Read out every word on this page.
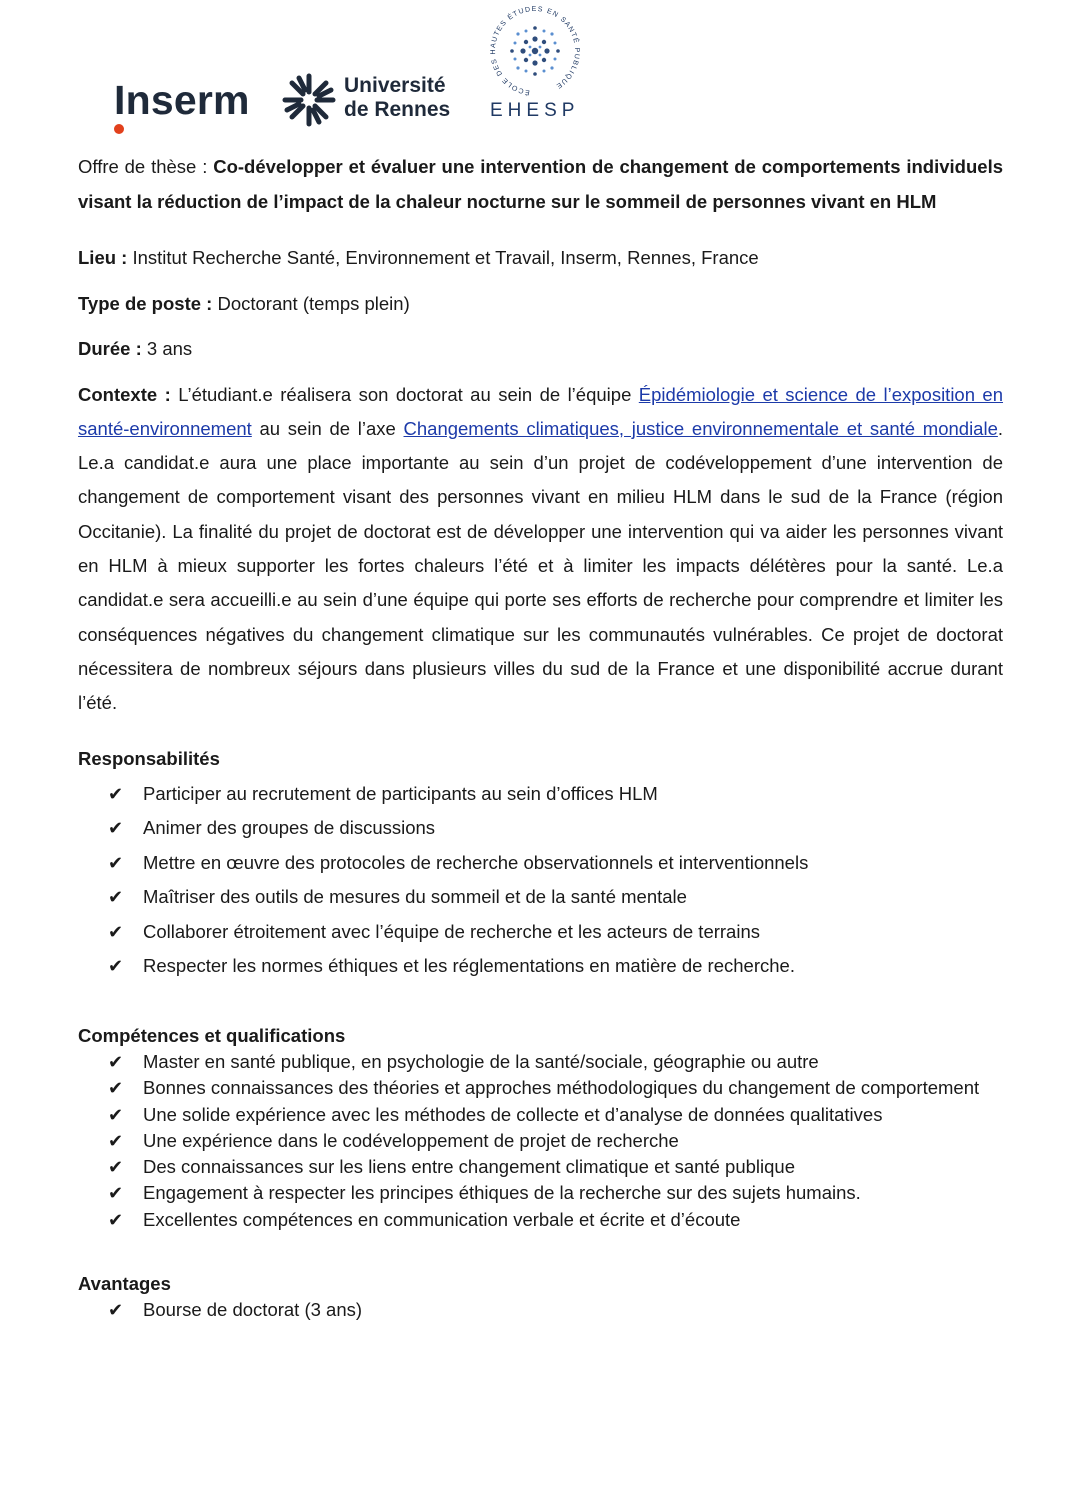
Inserm	Université
de Rennes
ÉCOLE DES HAUTES ÉTUDES EN SANTÉ PUBLIQUE
EHESP

Offre de thèse : Co-développer et évaluer une intervention de changement de comportements individuels visant la réduction de l’impact de la chaleur nocturne sur le sommeil de personnes vivant en HLM

Lieu : Institut Recherche Santé, Environnement et Travail, Inserm, Rennes, France

Type de poste : Doctorant (temps plein)

Durée : 3 ans

Contexte : L’étudiant.e réalisera son doctorat au sein de l’équipe Épidémiologie et science de l’exposition en santé-environnement au sein de l’axe Changements climatiques, justice environnementale et santé mondiale. Le.a candidat.e aura une place importante au sein d’un projet de codéveloppement d’une intervention de changement de comportement visant des personnes vivant en milieu HLM dans le sud de la France (région Occitanie). La finalité du projet de doctorat est de développer une intervention qui va aider les personnes vivant en HLM à mieux supporter les fortes chaleurs l’été et à limiter les impacts délétères pour la santé. Le.a candidat.e sera accueilli.e au sein d’une équipe qui porte ses efforts de recherche pour comprendre et limiter les conséquences négatives du changement climatique sur les communautés vulnérables. Ce projet de doctorat nécessitera de nombreux séjours dans plusieurs villes du sud de la France et une disponibilité accrue durant l’été.

Responsabilités

✔ Participer au recrutement de participants au sein d’offices HLM
✔ Animer des groupes de discussions
✔ Mettre en œuvre des protocoles de recherche observationnels et interventionnels
✔ Maîtriser des outils de mesures du sommeil et de la santé mentale
✔ Collaborer étroitement avec l’équipe de recherche et les acteurs de terrains
✔ Respecter les normes éthiques et les réglementations en matière de recherche.

Compétences et qualifications

✔ Master en santé publique, en psychologie de la santé/sociale, géographie ou autre
✔ Bonnes connaissances des théories et approches méthodologiques du changement de comportement
✔ Une solide expérience avec les méthodes de collecte et d’analyse de données qualitatives
✔ Une expérience dans le codéveloppement de projet de recherche
✔ Des connaissances sur les liens entre changement climatique et santé publique
✔ Engagement à respecter les principes éthiques de la recherche sur des sujets humains.
✔ Excellentes compétences en communication verbale et écrite et d’écoute

Avantages

✔ Bourse de doctorat (3 ans)
